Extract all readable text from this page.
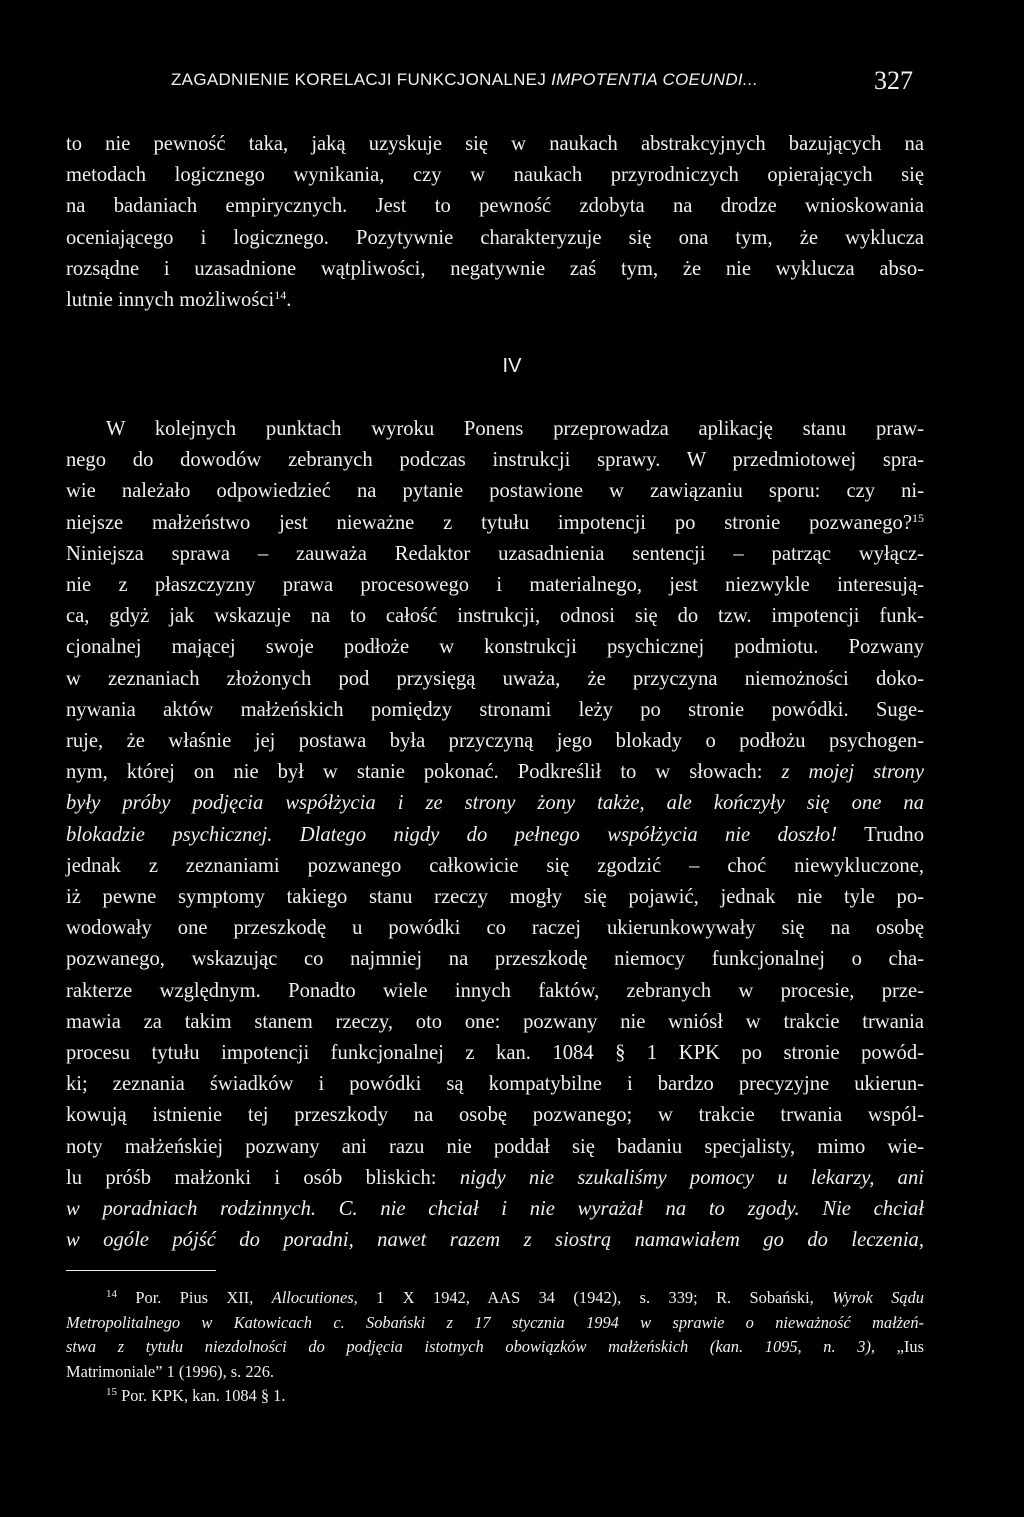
ZAGADNIENIE KORELACJI FUNKCJONALNEJ IMPOTENTIA COEUNDI...	327
to nie pewność taka, jaką uzyskuje się w naukach abstrakcyjnych bazujących na
metodach logicznego wynikania, czy w naukach przyrodniczych opierających się
na badaniach empirycznych. Jest to pewność zdobyta na drodze wnioskowania
oceniającego i logicznego. Pozytywnie charakteryzuje się ona tym, że wyklucza
rozsądne i uzasadnione wątpliwości, negatywnie zaś tym, że nie wyklucza abso-
lutnie innych możliwości$^{14}$.
IV
W kolejnych punktach wyroku Ponens przeprowadza aplikację stanu praw-
nego do dowodów zebranych podczas instrukcji sprawy. W przedmiotowej spra-
wie należało odpowiedzieć na pytanie postawione w zawiązaniu sporu: czy ni-
niejsze małżeństwo jest nieważne z tytułu impotencji po stronie pozwanego?$^{15}$
Niniejsza sprawa – zauważa Redaktor uzasadnienia sentencji – patrząc wyłącz-
nie z płaszczyzny prawa procesowego i materialnego, jest niezwykle interesują-
ca, gdyż jak wskazuje na to całość instrukcji, odnosi się do tzw. impotencji funk-
cjonalnej mającej swoje podłoże w konstrukcji psychicznej podmiotu. Pozwany
w zeznaniach złożonych pod przysięgą uważa, że przyczyna niemożności doko-
nywania aktów małżeńskich pomiędzy stronami leży po stronie powódki. Suge-
ruje, że właśnie jej postawa była przyczyną jego blokady o podłożu psychogen-
nym, której on nie był w stanie pokonać. Podkreślił to w słowach: z mojej strony
były próby podjęcia współżycia i ze strony żony także, ale kończyły się one na
blokadzie psychicznej. Dlatego nigdy do pełnego współżycia nie doszło! Trudno
jednak z zeznaniami pozwanego całkowicie się zgodzić – choć niewykluczone,
iż pewne symptomy takiego stanu rzeczy mogły się pojawić, jednak nie tyle po-
wodowały one przeszkodę u powódki co raczej ukierunkowywały się na osobę
pozwanego, wskazując co najmniej na przeszkodę niemocy funkcjonalnej o cha-
rakterze względnym. Ponadto wiele innych faktów, zebranych w procesie, prze-
mawia za takim stanem rzeczy, oto one: pozwany nie wniósł w trakcie trwania
procesu tytułu impotencji funkcjonalnej z kan. 1084 § 1 KPK po stronie powód-
ki; zeznania świadków i powódki są kompatybilne i bardzo precyzyjne ukierun-
kowują istnienie tej przeszkody na osobę pozwanego; w trakcie trwania wspól-
noty małżeńskiej pozwany ani razu nie poddał się badaniu specjalisty, mimo wie-
lu próśb małżonki i osób bliskich: nigdy nie szukaliśmy pomocy u lekarzy, ani
w poradniach rodzinnych. C. nie chciał i nie wyrażał na to zgody. Nie chciał
w ogóle pójść do poradni, nawet razem z siostrą namawiałem go do leczenia,
$^{14}$ Por. Pius XII, Allocutiones, 1 X 1942, AAS 34 (1942), s. 339; R. Sobański, Wyrok Sądu
Metropolitalnego w Katowicach c. Sobański z 17 stycznia 1994 w sprawie o nieważność małżeń-
stwa z tytułu niezdolności do podjęcia istotnych obowiązków małżeńskich (kan. 1095, n. 3), „Ius
Matrimoniale” 1 (1996), s. 226.
$^{15}$ Por. KPK, kan. 1084 § 1.
